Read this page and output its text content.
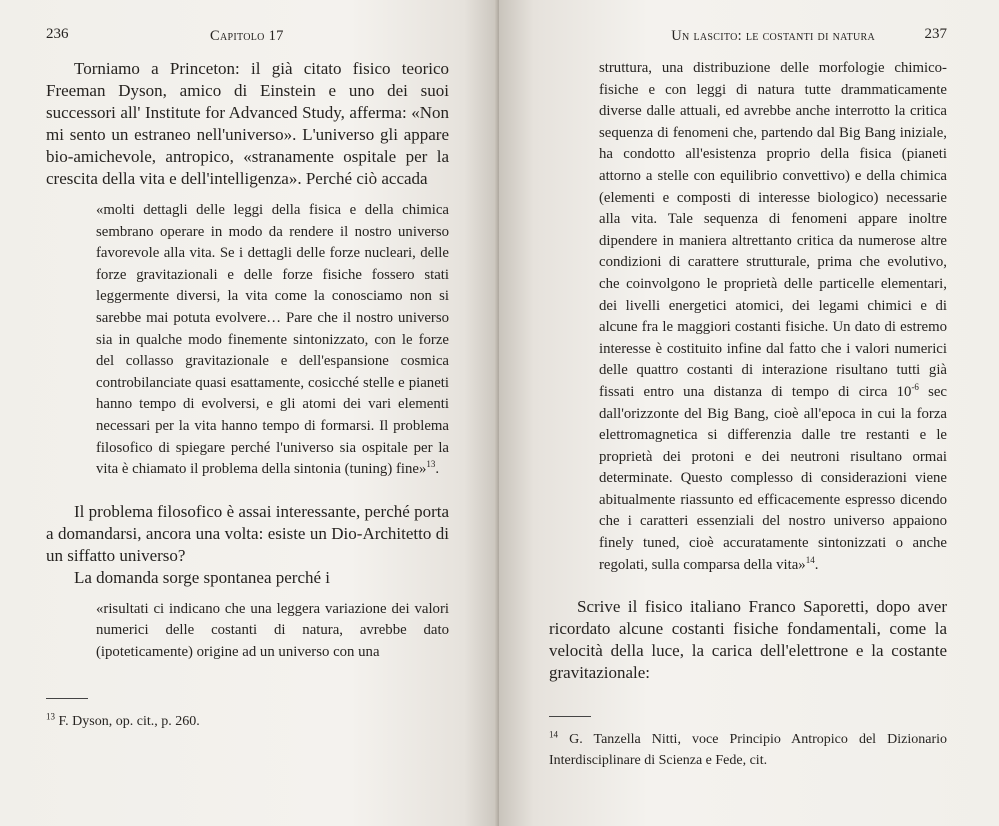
236	Capitolo 17

Torniamo a Princeton: il già citato fisico teorico Freeman Dyson, amico di Einstein e uno dei suoi successori all' Institute for Advanced Study, afferma: «Non mi sento un estraneo nell'universo». L'universo gli appare bio-amichevole, antropico, «stranamente ospitale per la crescita della vita e dell'intelligenza». Perché ciò accada

«molti dettagli delle leggi della fisica e della chimica sembrano operare in modo da rendere il nostro universo favorevole alla vita. Se i dettagli delle forze nucleari, delle forze gravitazionali e delle forze fisiche fossero stati leggermente diversi, la vita come la conosciamo non si sarebbe mai potuta evolvere… Pare che il nostro universo sia in qualche modo finemente sintonizzato, con le forze del collasso gravitazionale e dell'espansione cosmica controbilanciate quasi esattamente, cosicché stelle e pianeti hanno tempo di evolversi, e gli atomi dei vari elementi necessari per la vita hanno tempo di formarsi. Il problema filosofico di spiegare perché l'universo sia ospitale per la vita è chiamato il problema della sintonia (tuning) fine»$^{13}$.

Il problema filosofico è assai interessante, perché porta a domandarsi, ancora una volta: esiste un Dio-Architetto di un siffatto universo?

La domanda sorge spontanea perché i

«risultati ci indicano che una leggera variazione dei valori numerici delle costanti di natura, avrebbe dato (ipoteticamente) origine ad un universo con una

$^{13}$ F. Dyson, op. cit., p. 260.

Un lascito: le costanti di natura	237

struttura, una distribuzione delle morfologie chimico-fisiche e con leggi di natura tutte drammaticamente diverse dalle attuali, ed avrebbe anche interrotto la critica sequenza di fenomeni che, partendo dal Big Bang iniziale, ha condotto all'esistenza proprio della fisica (pianeti attorno a stelle con equilibrio convettivo) e della chimica (elementi e composti di interesse biologico) necessarie alla vita. Tale sequenza di fenomeni appare inoltre dipendere in maniera altrettanto critica da numerose altre condizioni di carattere strutturale, prima che evolutivo, che coinvolgono le proprietà delle particelle elementari, dei livelli energetici atomici, dei legami chimici e di alcune fra le maggiori costanti fisiche. Un dato di estremo interesse è costituito infine dal fatto che i valori numerici delle quattro costanti di interazione risultano tutti già fissati entro una distanza di tempo di circa $10^{-6}$ sec dall'orizzonte del Big Bang, cioè all'epoca in cui la forza elettromagnetica si differenzia dalle tre restanti e le proprietà dei protoni e dei neutroni risultano ormai determinate. Questo complesso di considerazioni viene abitualmente riassunto ed efficacemente espresso dicendo che i caratteri essenziali del nostro universo appaiono finely tuned, cioè accuratamente sintonizzati o anche regolati, sulla comparsa della vita»$^{14}$.

Scrive il fisico italiano Franco Saporetti, dopo aver ricordato alcune costanti fisiche fondamentali, come la velocità della luce, la carica dell'elettrone e la costante gravitazionale:

$^{14}$ G. Tanzella Nitti, voce Principio Antropico del Dizionario Interdisciplinare di Scienza e Fede, cit.
